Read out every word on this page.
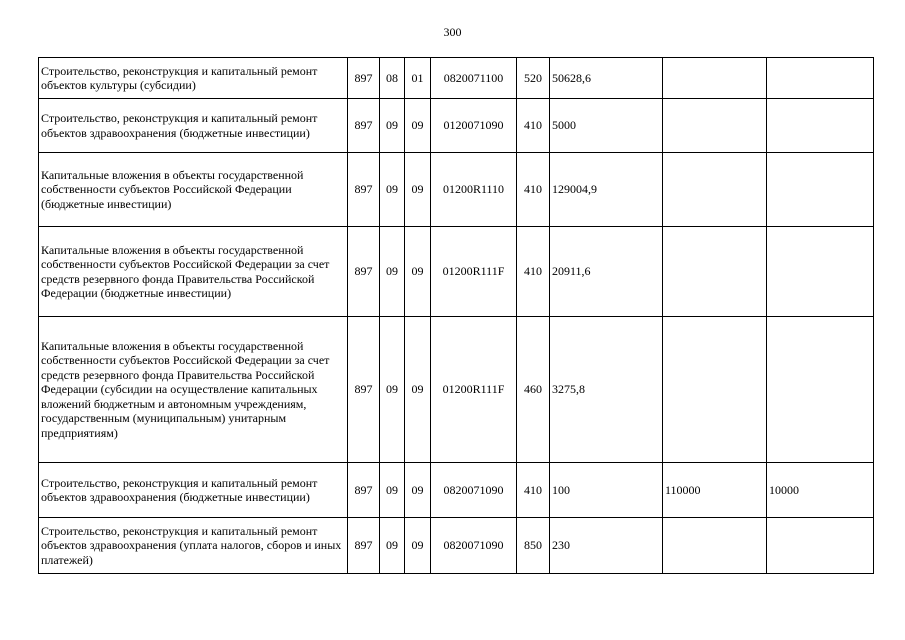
300
Строительство, реконструкция и капитальный ремонт объектов культуры (субсидии)	897	08	01	0820071100	520	50628,6		
Строительство, реконструкция и капитальный ремонт объектов здравоохранения (бюджетные инвестиции)	897	09	09	0120071090	410	5000		
Капитальные вложения в объекты государственной собственности субъектов Российской Федерации (бюджетные инвестиции)	897	09	09	01200R1110	410	129004,9		
Капитальные вложения в объекты государственной собственности субъектов Российской Федерации за счет средств резервного фонда Правительства Российской Федерации (бюджетные инвестиции)	897	09	09	01200R111F	410	20911,6		
Капитальные вложения в объекты государственной собственности субъектов Российской Федерации за счет средств резервного фонда Правительства Российской Федерации (субсидии на осуществление капитальных вложений бюджетным и автономным учреждениям, государственным (муниципальным) унитарным предприятиям)	897	09	09	01200R111F	460	3275,8		
Строительство, реконструкция и капитальный ремонт объектов здравоохранения (бюджетные инвестиции)	897	09	09	0820071090	410	100	110000	10000
Строительство, реконструкция и капитальный ремонт объектов здравоохранения (уплата налогов, сборов и иных платежей)	897	09	09	0820071090	850	230		
